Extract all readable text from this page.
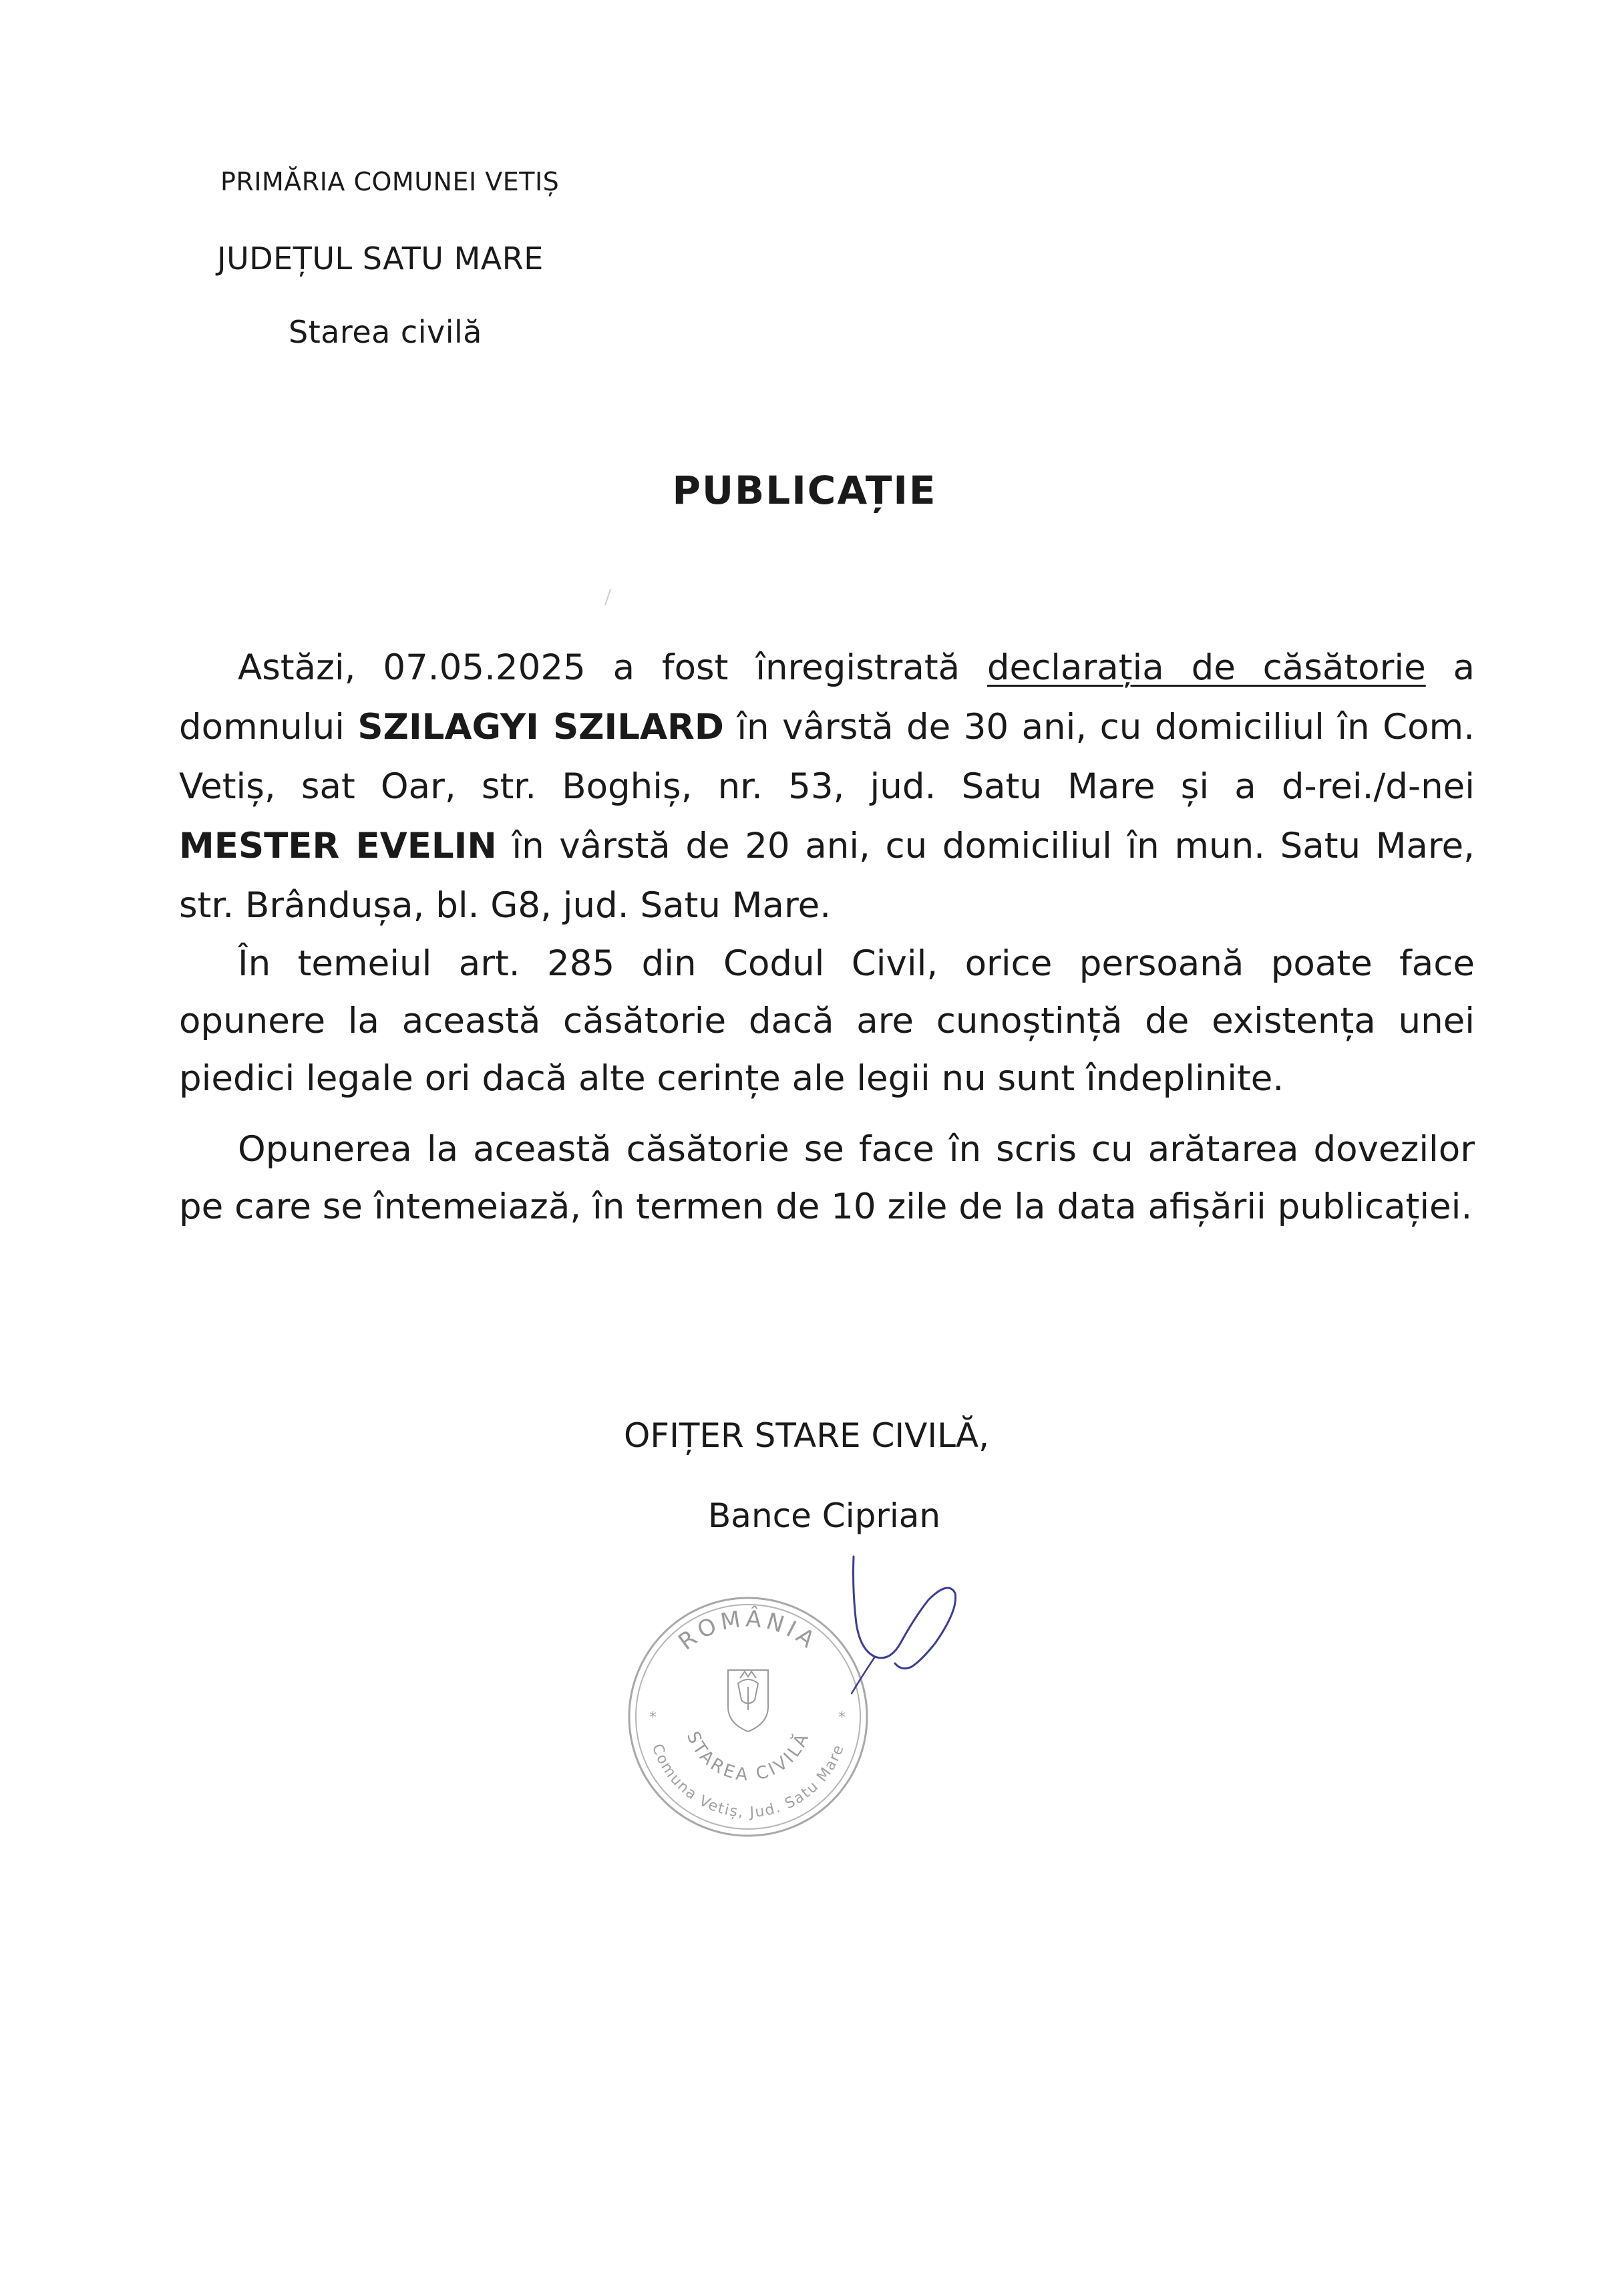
PRIMĂRIA COMUNEI VETIȘ
JUDEȚUL SATU MARE
Starea civilă
PUBLICAȚIE
Astăzi, 07.05.2025 a fost înregistrată declarația de căsătorie a domnului SZILAGYI SZILARD în vârstă de 30 ani, cu domiciliul în Com. Vetiș, sat Oar, str. Boghiș, nr. 53, jud. Satu Mare și a d-rei./d-nei MESTER EVELIN în vârstă de 20 ani, cu domiciliul în mun. Satu Mare, str. Brândușa, bl. G8, jud. Satu Mare.
În temeiul art. 285 din Codul Civil, orice persoană poate face opunere la această căsătorie dacă are cunoștință de existența unei piedici legale ori dacă alte cerințe ale legii nu sunt îndeplinite.
Opunerea la această căsătorie se face în scris cu arătarea dovezilor pe care se întemeiază, în termen de 10 zile de la data afișării publicației.
OFIȚER STARE CIVILĂ,
Bance Ciprian
ROMÂNIA
Comuna Vetiș, Jud. Satu Mare
STAREA CIVILĂ
*	*
